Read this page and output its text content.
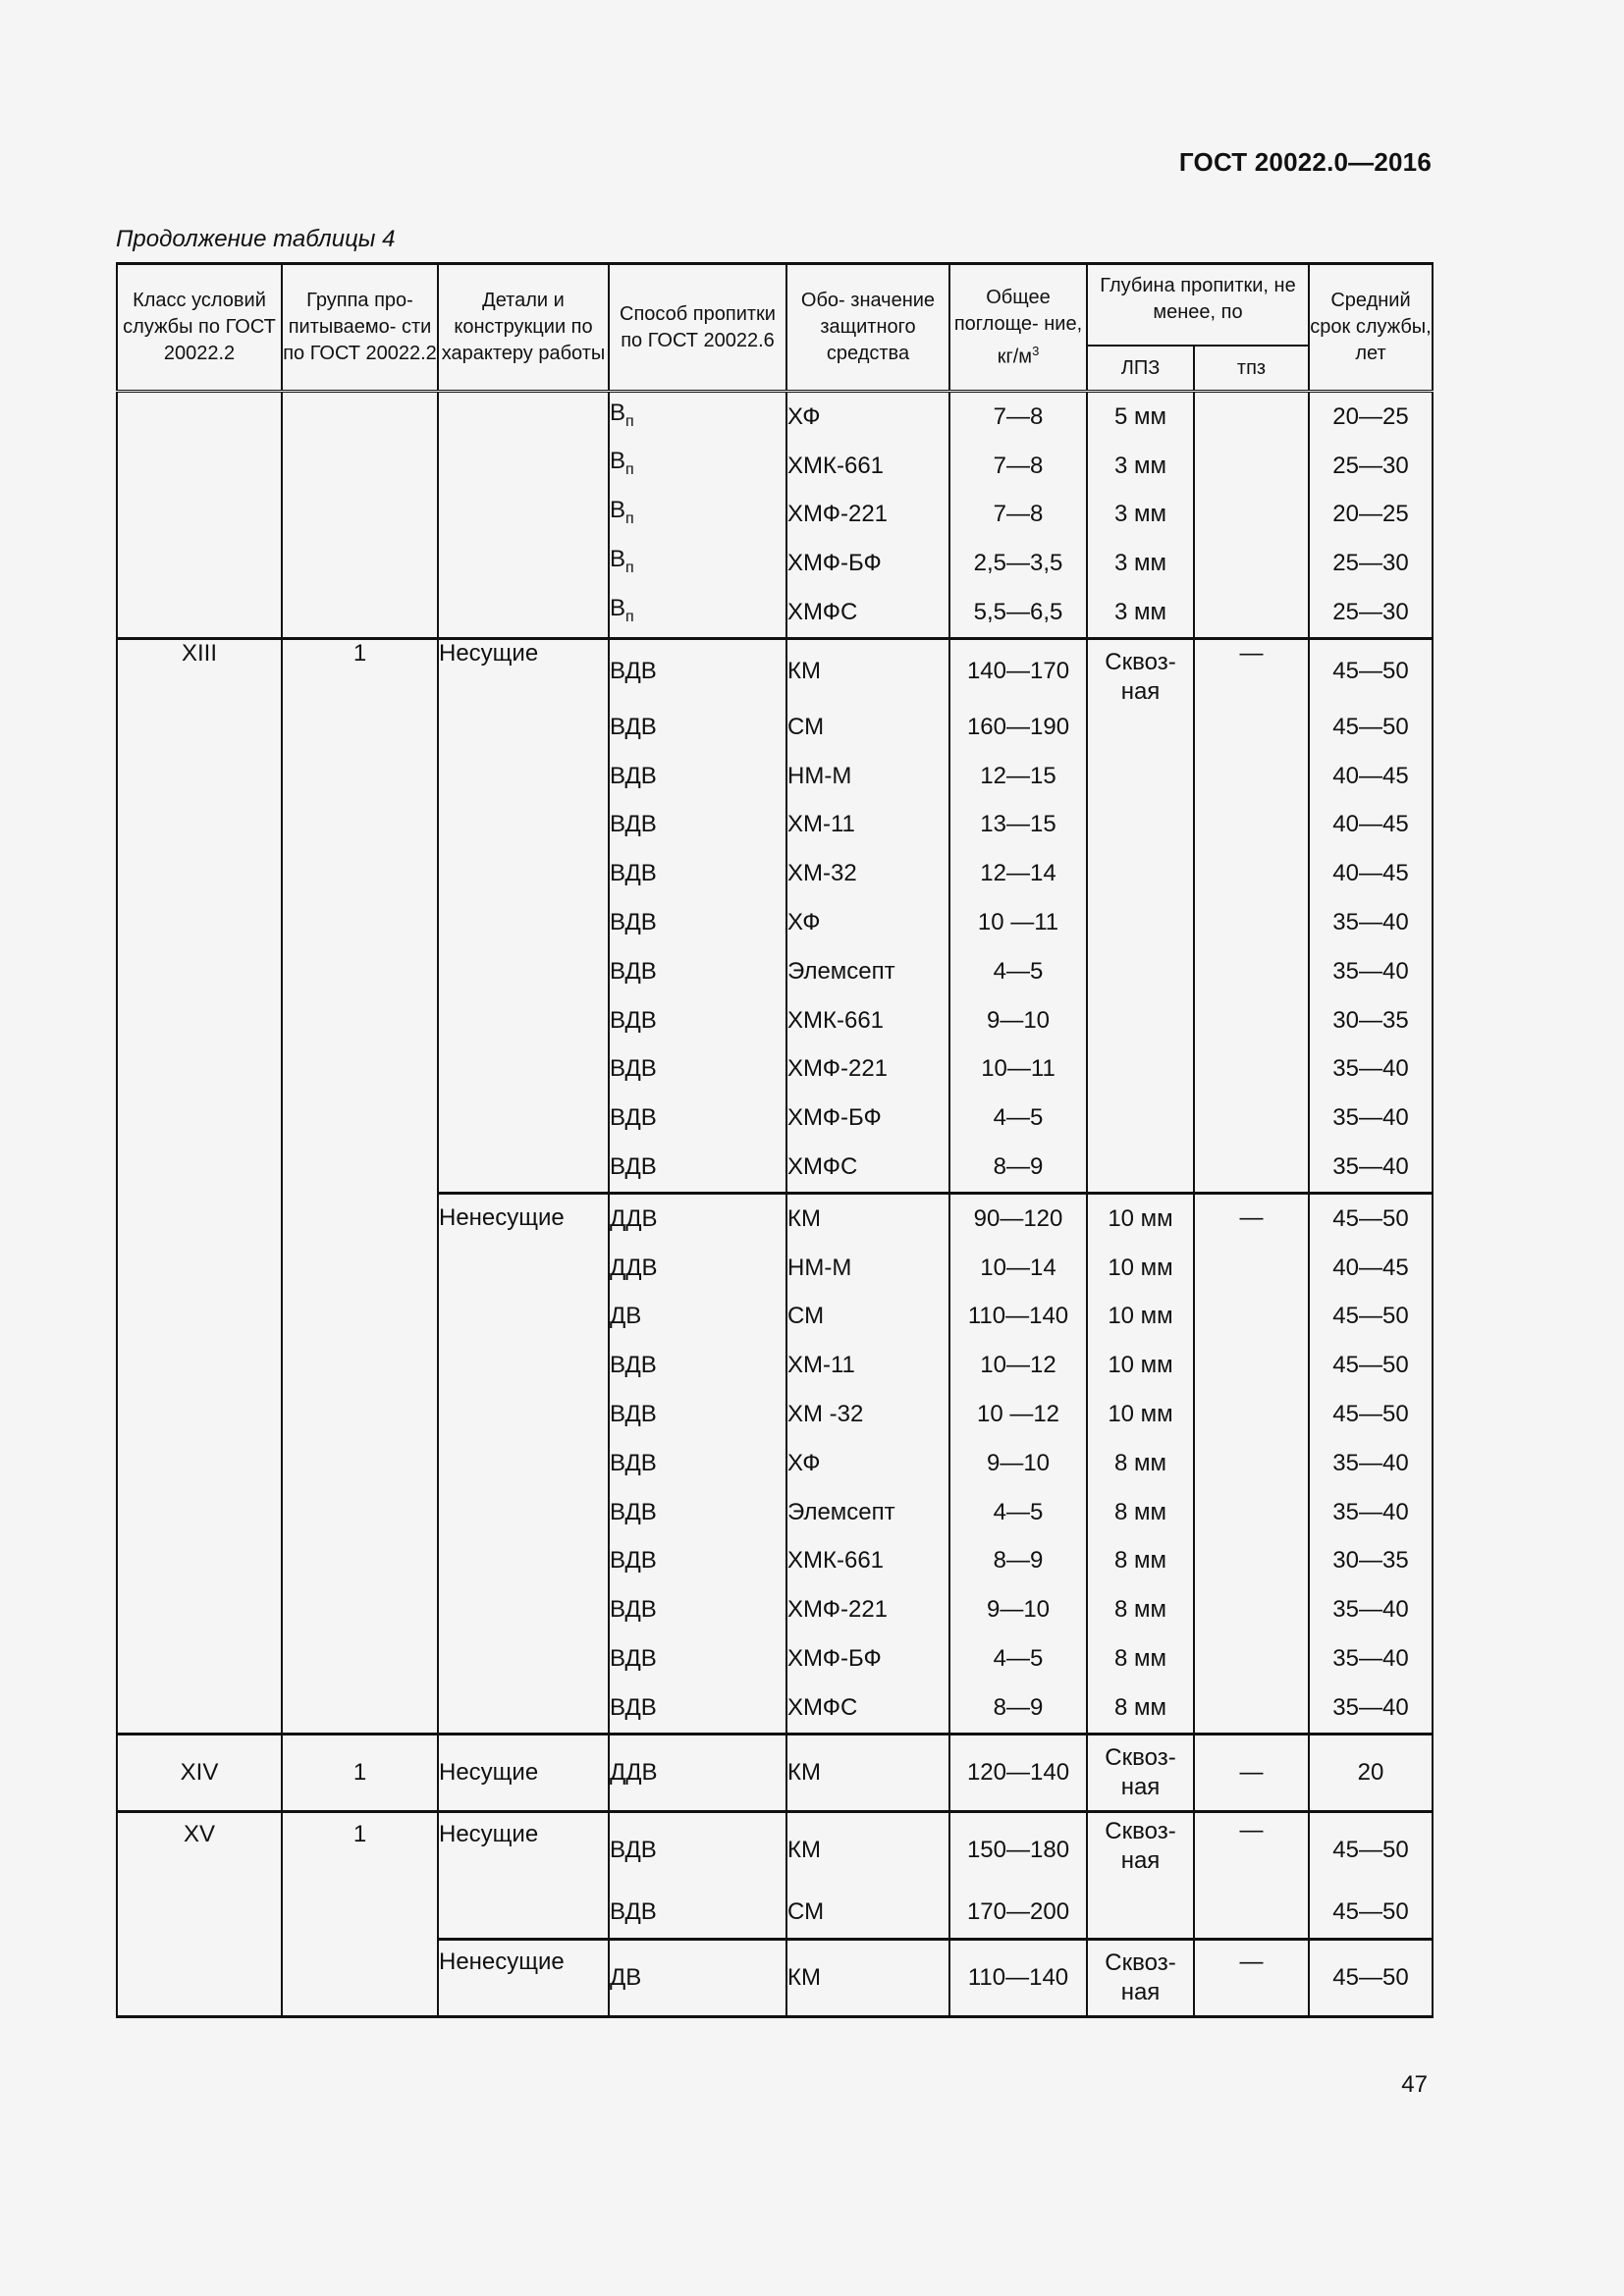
ГОСТ 20022.0—2016
Продолжение таблицы 4
Класс условий службы по ГОСТ 20022.2	Группа про- питываемо- сти по ГОСТ 20022.2	Детали и конструкции по характеру работы	Способ пропитки по ГОСТ 20022.6	Обо- значение защитного средства	Общее поглоще- ние, $кг/м^3$	Глубина пропитки, не менее, по		Средний срок службы, лет
						ЛПЗ	тпз	
			$В_п$	ХФ	7—8	5 мм		20—25
			$В_п$	ХМК-661	7—8	3 мм		25—30
			$В_п$	ХМФ-221	7—8	3 мм		20—25
			$В_п$	ХМФ-БФ	2,5—3,5	3 мм		25—30
			$В_п$	ХМФС	5,5—6,5	3 мм		25—30
XIII	1	Несущие	ВДВ	КМ	140—170	Сквоз- ная	—	45—50
			ВДВ	СМ	160—190			45—50
			ВДВ	НМ-М	12—15			40—45
			ВДВ	ХМ-11	13—15			40—45
			ВДВ	ХМ-32	12—14			40—45
			ВДВ	ХФ	10 —11			35—40
			ВДВ	Элемсепт	4—5			35—40
			ВДВ	ХМК-661	9—10			30—35
			ВДВ	ХМФ-221	10—11			35—40
			ВДВ	ХМФ-БФ	4—5			35—40
			ВДВ	ХМФС	8—9			35—40
		Ненесущие	ДДВ	КМ	90—120	10 мм	—	45—50
			ДДВ	НМ-М	10—14	10 мм		40—45
			ДВ	СМ	110—140	10 мм		45—50
			ВДВ	ХМ-11	10—12	10 мм		45—50
			ВДВ	ХМ -32	10 —12	10 мм		45—50
			ВДВ	ХФ	9—10	8 мм		35—40
			ВДВ	Элемсепт	4—5	8 мм		35—40
			ВДВ	ХМК-661	8—9	8 мм		30—35
			ВДВ	ХМФ-221	9—10	8 мм		35—40
			ВДВ	ХМФ-БФ	4—5	8 мм		35—40
			ВДВ	ХМФС	8—9	8 мм		35—40
XIV	1	Несущие	ДДВ	КМ	120—140	Сквоз- ная	—	20
XV	1	Несущие	ВДВ	КМ	150—180	Сквоз- ная	—	45—50
			ВДВ	СМ	170—200			45—50
		Ненесущие	ДВ	КМ	110—140	Сквоз- ная	—	45—50
47
